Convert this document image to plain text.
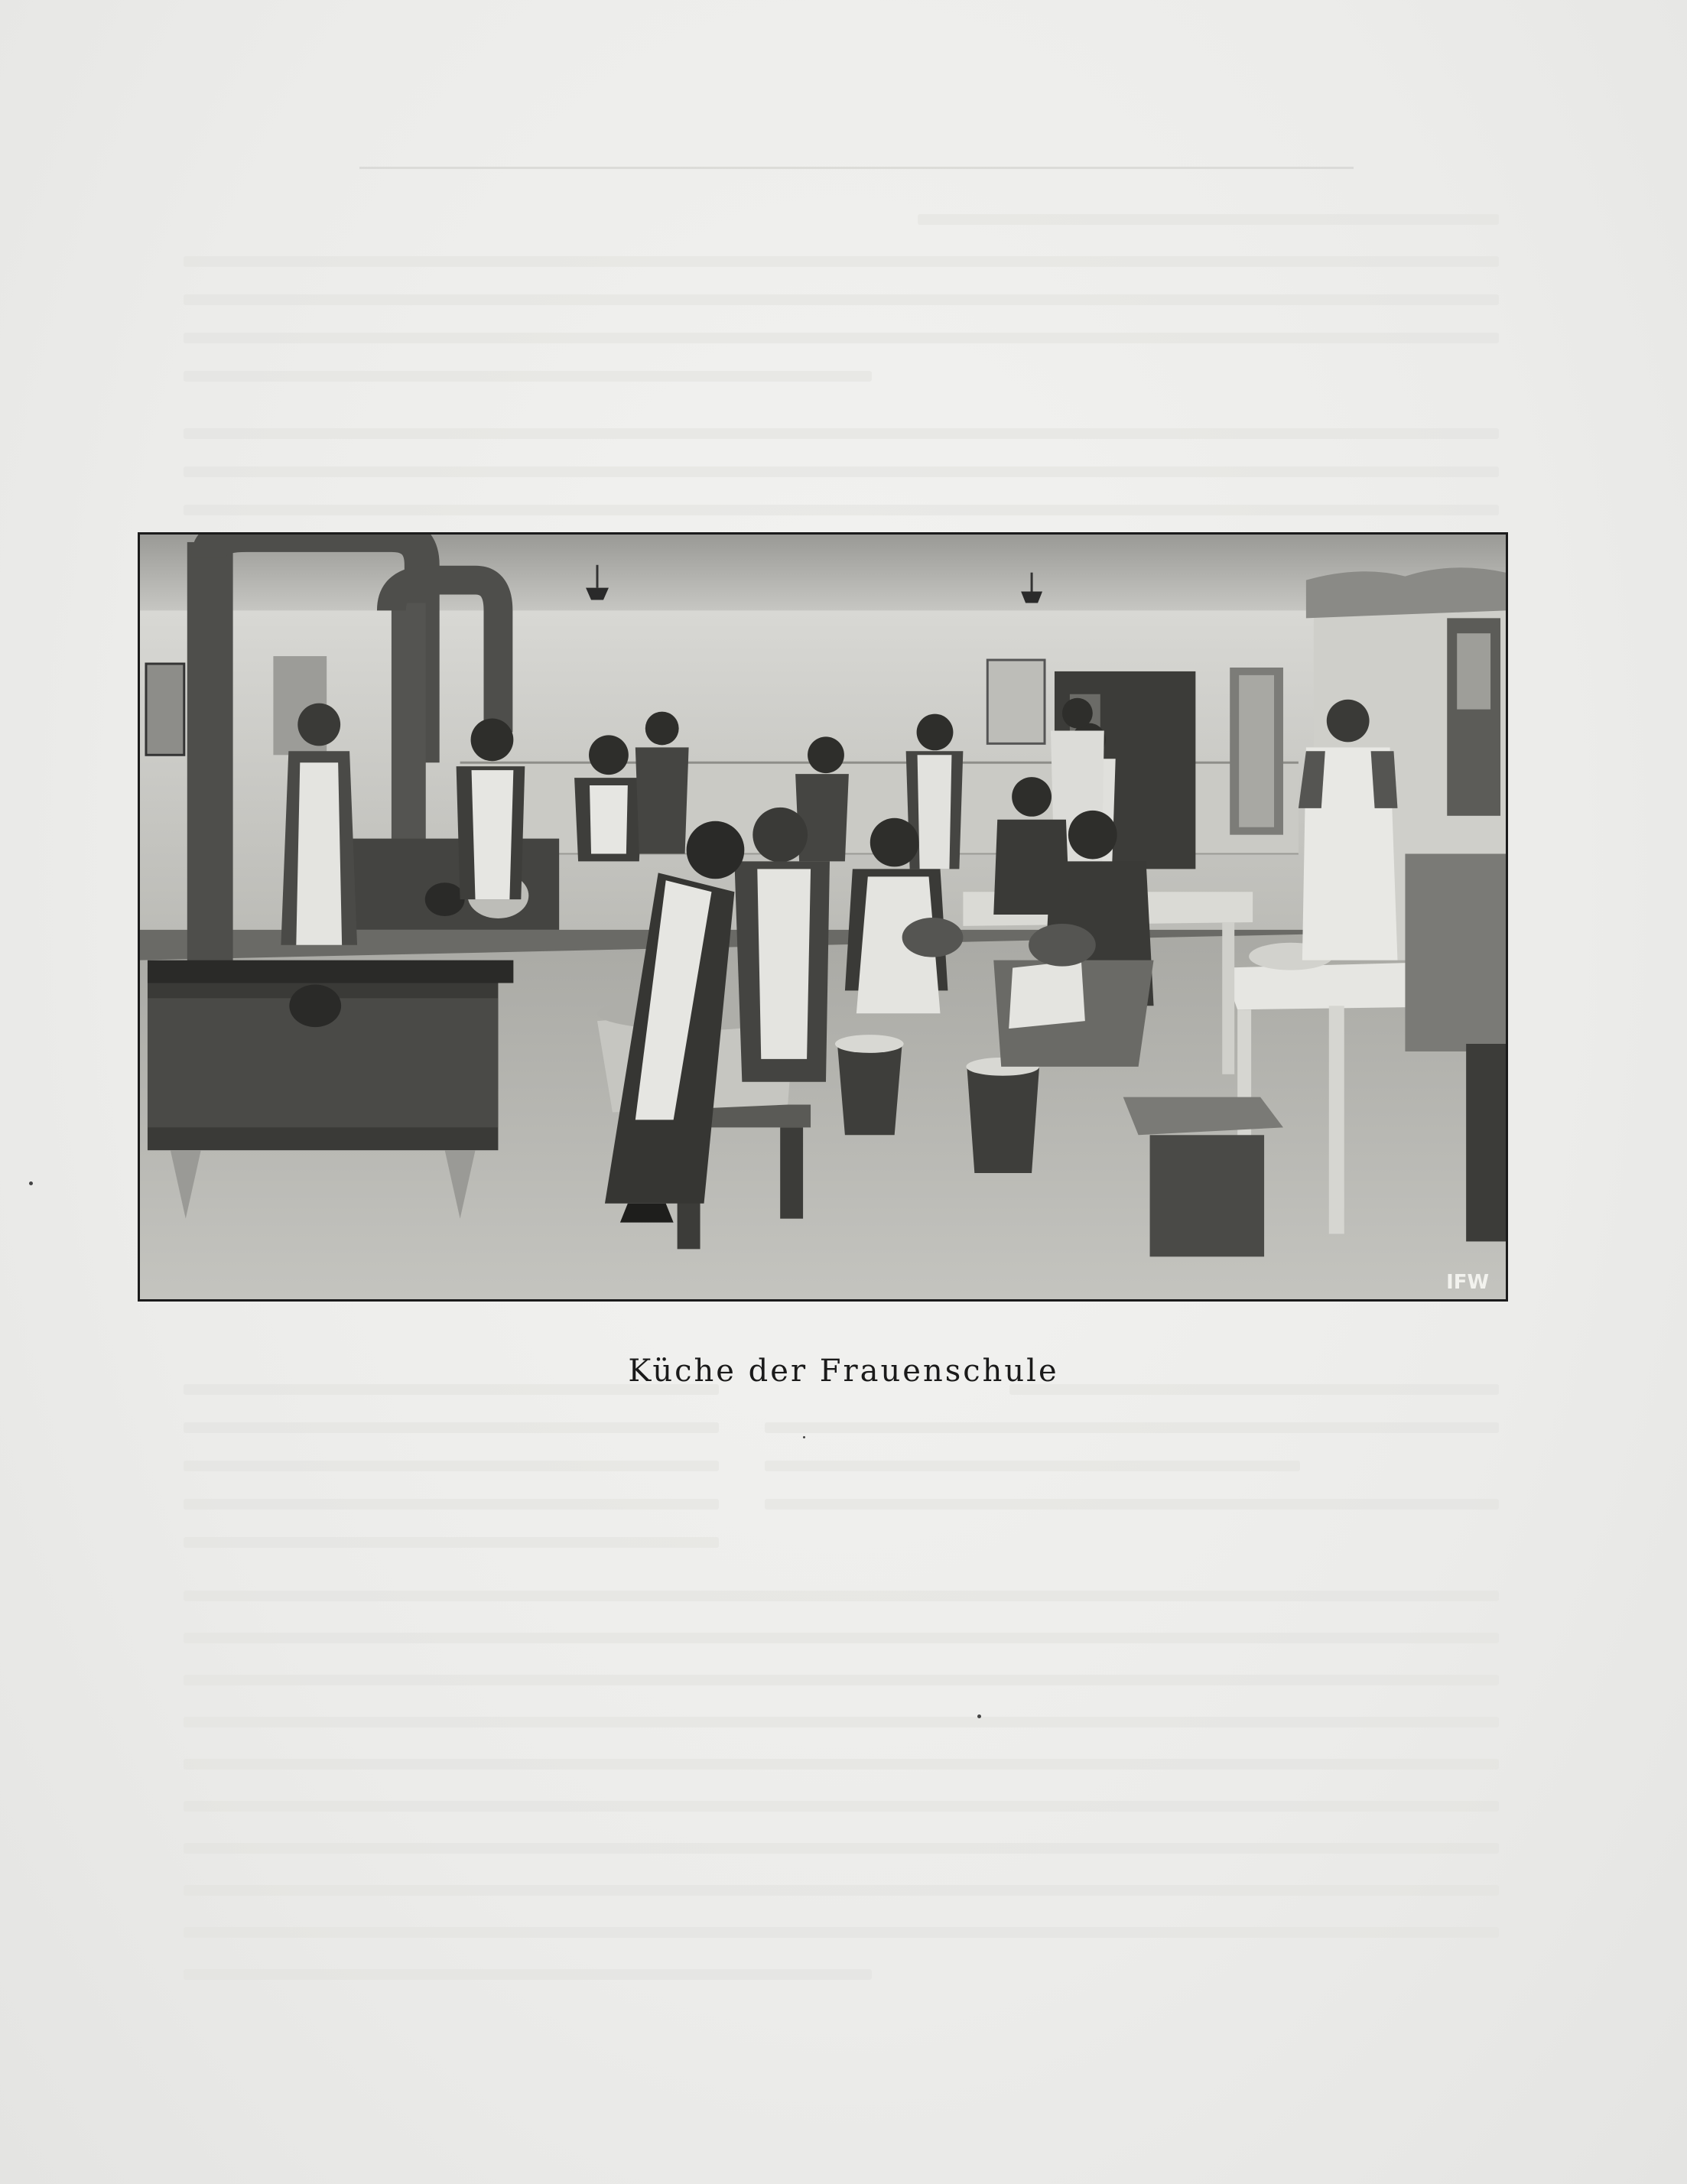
IFW
Küche der Frauenschule
